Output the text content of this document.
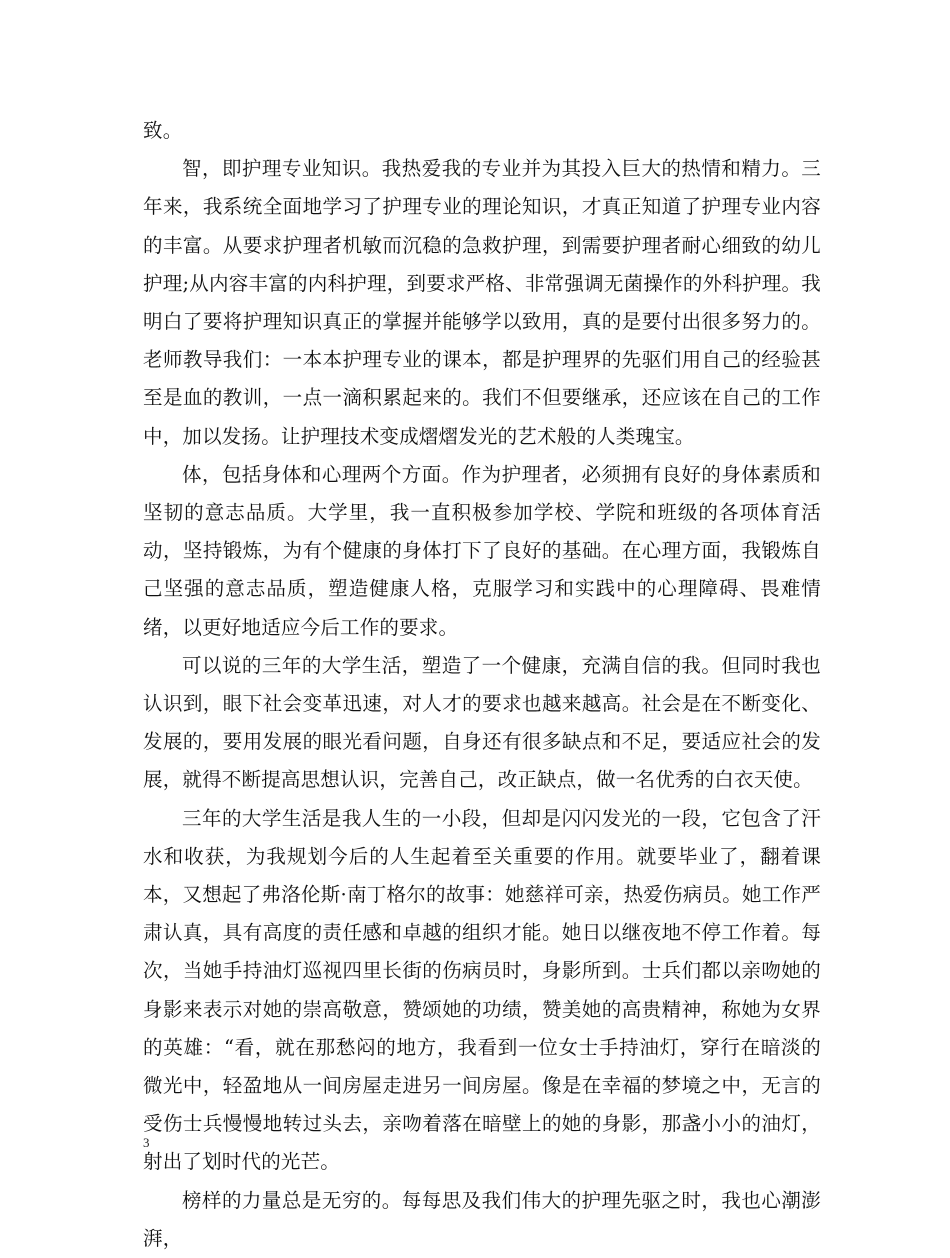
致。

智，即护理专业知识。我热爱我的专业并为其投入巨大的热情和精力。三年来，我系统全面地学习了护理专业的理论知识，才真正知道了护理专业内容的丰富。从要求护理者机敏而沉稳的急救护理，到需要护理者耐心细致的幼儿护理;从内容丰富的内科护理，到要求严格、非常强调无菌操作的外科护理。我明白了要将护理知识真正的掌握并能够学以致用，真的是要付出很多努力的。老师教导我们：一本本护理专业的课本，都是护理界的先驱们用自己的经验甚至是血的教训，一点一滴积累起来的。我们不但要继承，还应该在自己的工作中，加以发扬。让护理技术变成熠熠发光的艺术般的人类瑰宝。

体，包括身体和心理两个方面。作为护理者，必须拥有良好的身体素质和坚韧的意志品质。大学里，我一直积极参加学校、学院和班级的各项体育活动，坚持锻炼，为有个健康的身体打下了良好的基础。在心理方面，我锻炼自己坚强的意志品质，塑造健康人格，克服学习和实践中的心理障碍、畏难情绪，以更好地适应今后工作的要求。

可以说的三年的大学生活，塑造了一个健康，充满自信的我。但同时我也认识到，眼下社会变革迅速，对人才的要求也越来越高。社会是在不断变化、发展的，要用发展的眼光看问题，自身还有很多缺点和不足，要适应社会的发展，就得不断提高思想认识，完善自己，改正缺点，做一名优秀的白衣天使。

三年的大学生活是我人生的一小段，但却是闪闪发光的一段，它包含了汗水和收获，为我规划今后的人生起着至关重要的作用。就要毕业了，翻着课本，又想起了弗洛伦斯·南丁格尔的故事：她慈祥可亲，热爱伤病员。她工作严肃认真，具有高度的责任感和卓越的组织才能。她日以继夜地不停工作着。每次，当她手持油灯巡视四里长街的伤病员时，身影所到。士兵们都以亲吻她的身影来表示对她的崇高敬意，赞颂她的功绩，赞美她的高贵精神，称她为女界的英雄：“看，就在那愁闷的地方，我看到一位女士手持油灯，穿行在暗淡的微光中，轻盈地从一间房屋走进另一间房屋。像是在幸福的梦境之中，无言的受伤士兵慢慢地转过头去，亲吻着落在暗壁上的她的身影，那盏小小的油灯，射出了划时代的光芒。

榜样的力量总是无穷的。每每思及我们伟大的护理先驱之时，我也心潮澎湃，

3
